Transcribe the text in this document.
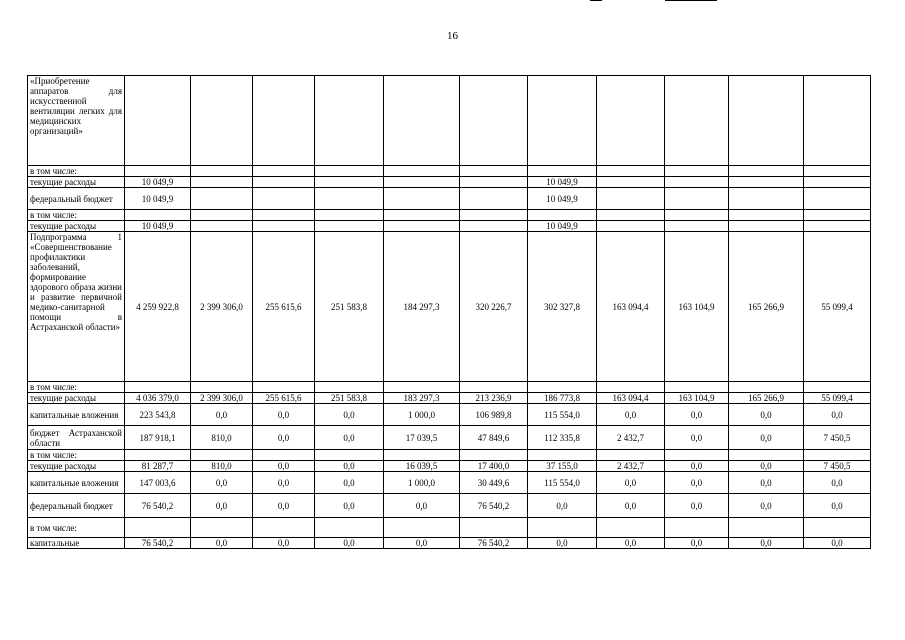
16
«Приобретение аппаратов для искусственной вентиляции легких для медицинских организаций»											
в том числе:											
текущие расходы	10 049,9						10 049,9				
федеральный бюджет	10 049,9						10 049,9				
в том числе:											
текущие расходы	10 049,9						10 049,9				
Подпрограмма 1 «Совершенствование профилактики заболеваний, формирование здорового образа жизни и развитие первичной медико-санитарной помощи в Астраханской области»	4 259 922,8	2 399 306,0	255 615,6	251 583,8	184 297,3	320 226,7	302 327,8	163 094,4	163 104,9	165 266,9	55 099,4
в том числе:											
текущие расходы	4 036 379,0	2 399 306,0	255 615,6	251 583,8	183 297,3	213 236,9	186 773,8	163 094,4	163 104,9	165 266,9	55 099,4
капитальные вложения	223 543,8	0,0	0,0	0,0	1 000,0	106 989,8	115 554,0	0,0	0,0	0,0	0,0
бюджет Астраханской области	187 918,1	810,0	0,0	0,0	17 039,5	47 849,6	112 335,8	2 432,7	0,0	0,0	7 450,5
в том числе:											
текущие расходы	81 287,7	810,0	0,0	0,0	16 039,5	17 400,0	37 155,0	2 432,7	0,0	0,0	7 450,5
капитальные вложения	147 003,6	0,0	0,0	0,0	1 000,0	30 449,6	115 554,0	0,0	0,0	0,0	0,0
федеральный бюджет	76 540,2	0,0	0,0	0,0	0,0	76 540,2	0,0	0,0	0,0	0,0	0,0
в том числе:											
капитальные	76 540,2	0,0	0,0	0,0	0,0	76 540,2	0,0	0,0	0,0	0,0	0,0
